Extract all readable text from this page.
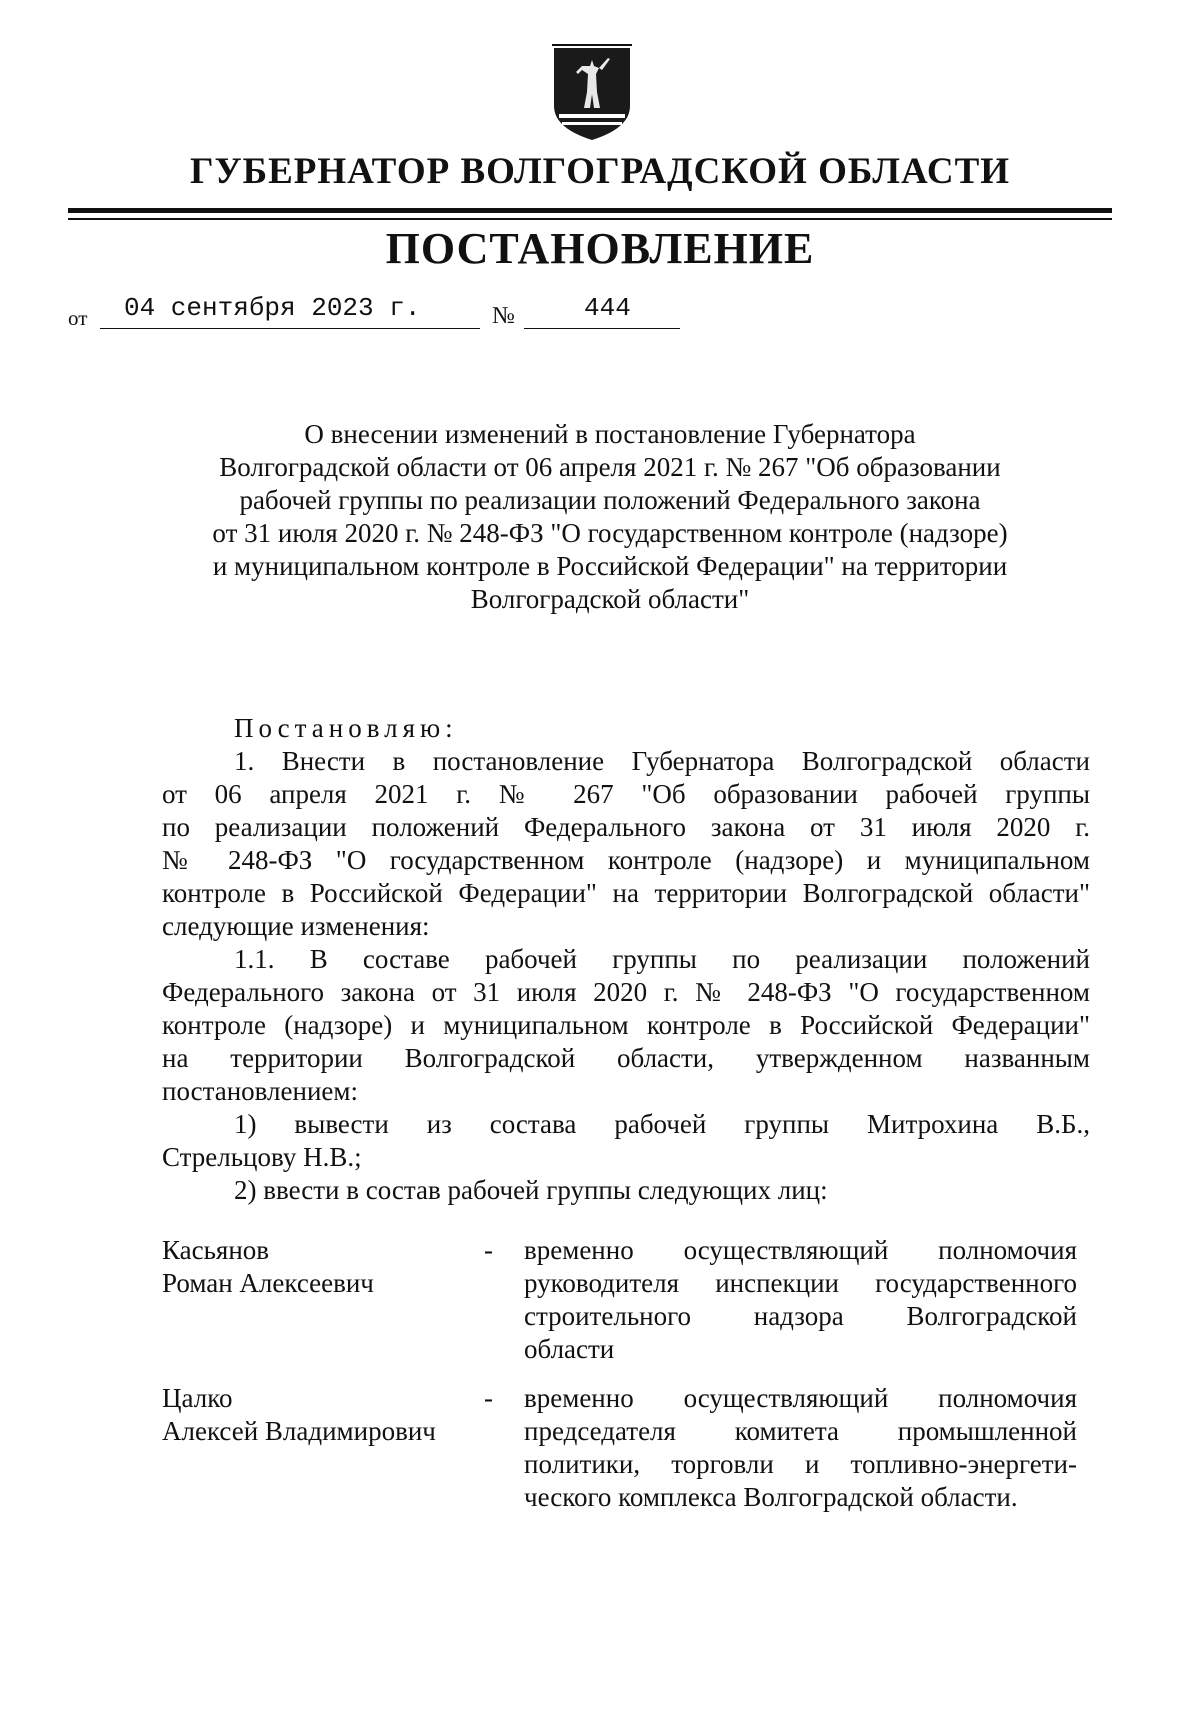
ГУБЕРНАТОР ВОЛГОГРАДСКОЙ ОБЛАСТИ
ПОСТАНОВЛЕНИЕ
от 04 сентября 2023 г.	№	444
О внесении изменений в постановление Губернатора
Волгоградской области от 06 апреля 2021 г. № 267 "Об образовании
рабочей группы по реализации положений Федерального закона
от 31 июля 2020 г. № 248-ФЗ "О государственном контроле (надзоре)
и муниципальном контроле в Российской Федерации" на территории
Волгоградской области"
Постановляю:
1. Внести в постановление Губернатора Волгоградской области
от 06 апреля 2021 г. № 267 "Об образовании рабочей группы
по реализации положений Федерального закона от 31 июля 2020 г.
№ 248-ФЗ "О государственном контроле (надзоре) и муниципальном
контроле в Российской Федерации" на территории Волгоградской области"
следующие изменения:
1.1. В составе рабочей группы по реализации положений
Федерального закона от 31 июля 2020 г. № 248-ФЗ "О государственном
контроле (надзоре) и муниципальном контроле в Российской Федерации"
на территории Волгоградской области, утвержденном названным
постановлением:
1) вывести из состава рабочей группы Митрохина В.Б.,
Стрельцову Н.В.;
2) ввести в состав рабочей группы следующих лиц:
Касьянов
Роман Алексеевич
- временно осуществляющий полномочия
руководителя инспекции государственного
строительного надзора Волгоградской
области
Цалко
Алексей Владимирович
- временно осуществляющий полномочия
председателя комитета промышленной
политики, торговли и топливно-энергети-
ческого комплекса Волгоградской области.
